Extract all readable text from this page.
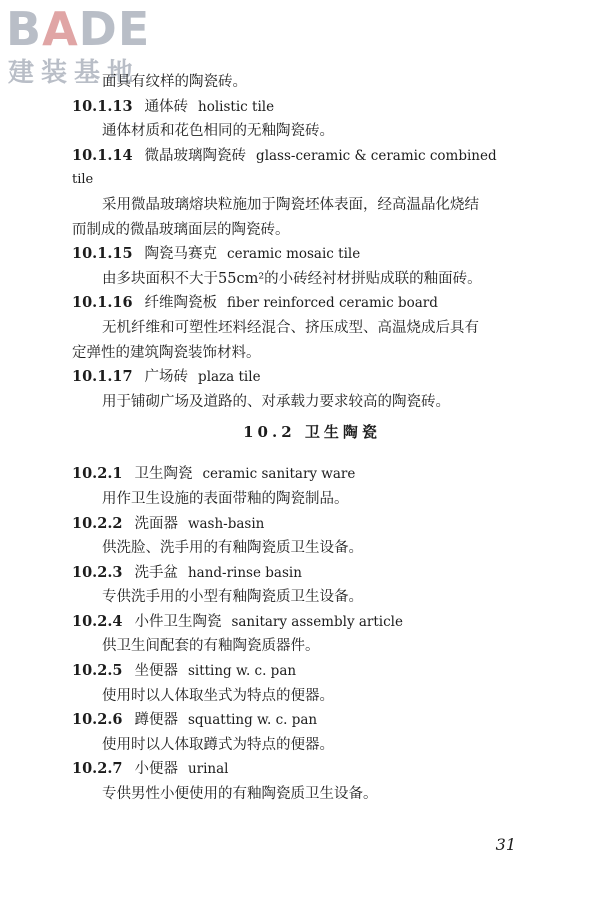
BADE
建装基地
面具有纹样的陶瓷砖。
10.1.13 通体砖 holistic tile
通体材质和花色相同的无釉陶瓷砖。
10.1.14 微晶玻璃陶瓷砖 glass-ceramic & ceramic combined
tile
采用微晶玻璃熔块粒施加于陶瓷坯体表面，经高温晶化烧结
而制成的微晶玻璃面层的陶瓷砖。
10.1.15 陶瓷马赛克 ceramic mosaic tile
由多块面积不大于55cm²的小砖经衬材拼贴成联的釉面砖。
10.1.16 纤维陶瓷板 fiber reinforced ceramic board
无机纤维和可塑性坯料经混合、挤压成型、高温烧成后具有
定弹性的建筑陶瓷装饰材料。
10.1.17 广场砖 plaza tile
用于铺砌广场及道路的、对承载力要求较高的陶瓷砖。
10.2 卫生陶瓷
10.2.1 卫生陶瓷 ceramic sanitary ware
用作卫生设施的表面带釉的陶瓷制品。
10.2.2 洗面器 wash-basin
供洗脸、洗手用的有釉陶瓷质卫生设备。
10.2.3 洗手盆 hand-rinse basin
专供洗手用的小型有釉陶瓷质卫生设备。
10.2.4 小件卫生陶瓷 sanitary assembly article
供卫生间配套的有釉陶瓷质器件。
10.2.5 坐便器 sitting w. c. pan
使用时以人体取坐式为特点的便器。
10.2.6 蹲便器 squatting w. c. pan
使用时以人体取蹲式为特点的便器。
10.2.7 小便器 urinal
专供男性小便使用的有釉陶瓷质卫生设备。
31
